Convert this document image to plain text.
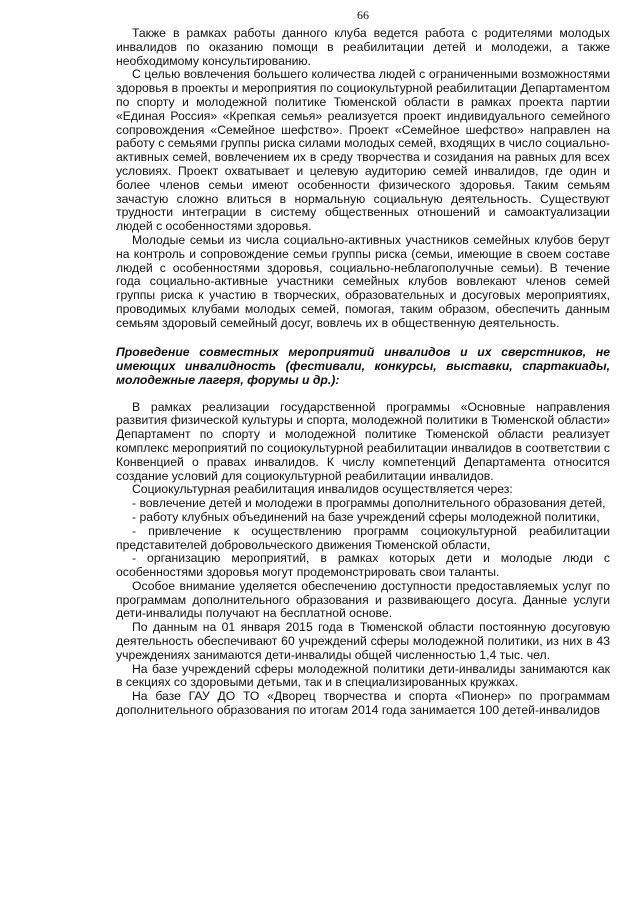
66

Также в рамках работы данного клуба ведется работа с родителями молодых инвалидов по оказанию помощи в реабилитации детей и молодежи, а также необходимому консультированию.

С целью вовлечения большего количества людей с ограниченными возможностями здоровья в проекты и мероприятия по социокультурной реабилитации Департаментом по спорту и молодежной политике Тюменской области в рамках проекта партии «Единая Россия» «Крепкая семья» реализуется проект индивидуального семейного сопровождения «Семейное шефство». Проект «Семейное шефство» направлен на работу с семьями группы риска силами молодых семей, входящих в число социально-активных семей, вовлечением их в среду творчества и созидания на равных для всех условиях. Проект охватывает и целевую аудиторию семей инвалидов, где один и более членов семьи имеют особенности физического здоровья. Таким семьям зачастую сложно влиться в нормальную социальную деятельность. Существуют трудности интеграции в систему общественных отношений и самоактуализации людей с особенностями здоровья.

Молодые семьи из числа социально-активных участников семейных клубов берут на контроль и сопровождение семьи группы риска (семьи, имеющие в своем составе людей с особенностями здоровья, социально-неблагополучные семьи). В течение года социально-активные участники семейных клубов вовлекают членов семей группы риска к участию в творческих, образовательных и досуговых мероприятиях, проводимых клубами молодых семей, помогая, таким образом, обеспечить данным семьям здоровый семейный досуг, вовлечь их в общественную деятельность.

Проведение совместных мероприятий инвалидов и их сверстников, не имеющих инвалидность (фестивали, конкурсы, выставки, спартакиады, молодежные лагеря, форумы и др.):

В рамках реализации государственной программы «Основные направления развития физической культуры и спорта, молодежной политики в Тюменской области» Департамент по спорту и молодежной политике Тюменской области реализует комплекс мероприятий по социокультурной реабилитации инвалидов в соответствии с Конвенцией о правах инвалидов. К числу компетенций Департамента относится создание условий для социокультурной реабилитации инвалидов.

Социокультурная реабилитация инвалидов осуществляется через:

- вовлечение детей и молодежи в программы дополнительного образования детей,

- работу клубных объединений на базе учреждений сферы молодежной политики,

- привлечение к осуществлению программ социокультурной реабилитации представителей добровольческого движения Тюменской области,

- организацию мероприятий, в рамках которых дети и молодые люди с особенностями здоровья могут продемонстрировать свои таланты.

Особое внимание уделяется обеспечению доступности предоставляемых услуг по программам дополнительного образования и развивающего досуга. Данные услуги дети-инвалиды получают на бесплатной основе.

По данным на 01 января 2015 года в Тюменской области постоянную досуговую деятельность обеспечивают 60 учреждений сферы молодежной политики, из них в 43 учреждениях занимаются дети-инвалиды общей численностью 1,4 тыс. чел.

На базе учреждений сферы молодежной политики дети-инвалиды занимаются как в секциях со здоровыми детьми, так и в специализированных кружках.

На базе ГАУ ДО ТО «Дворец творчества и спорта «Пионер» по программам дополнительного образования по итогам 2014 года занимается 100 детей-инвалидов
